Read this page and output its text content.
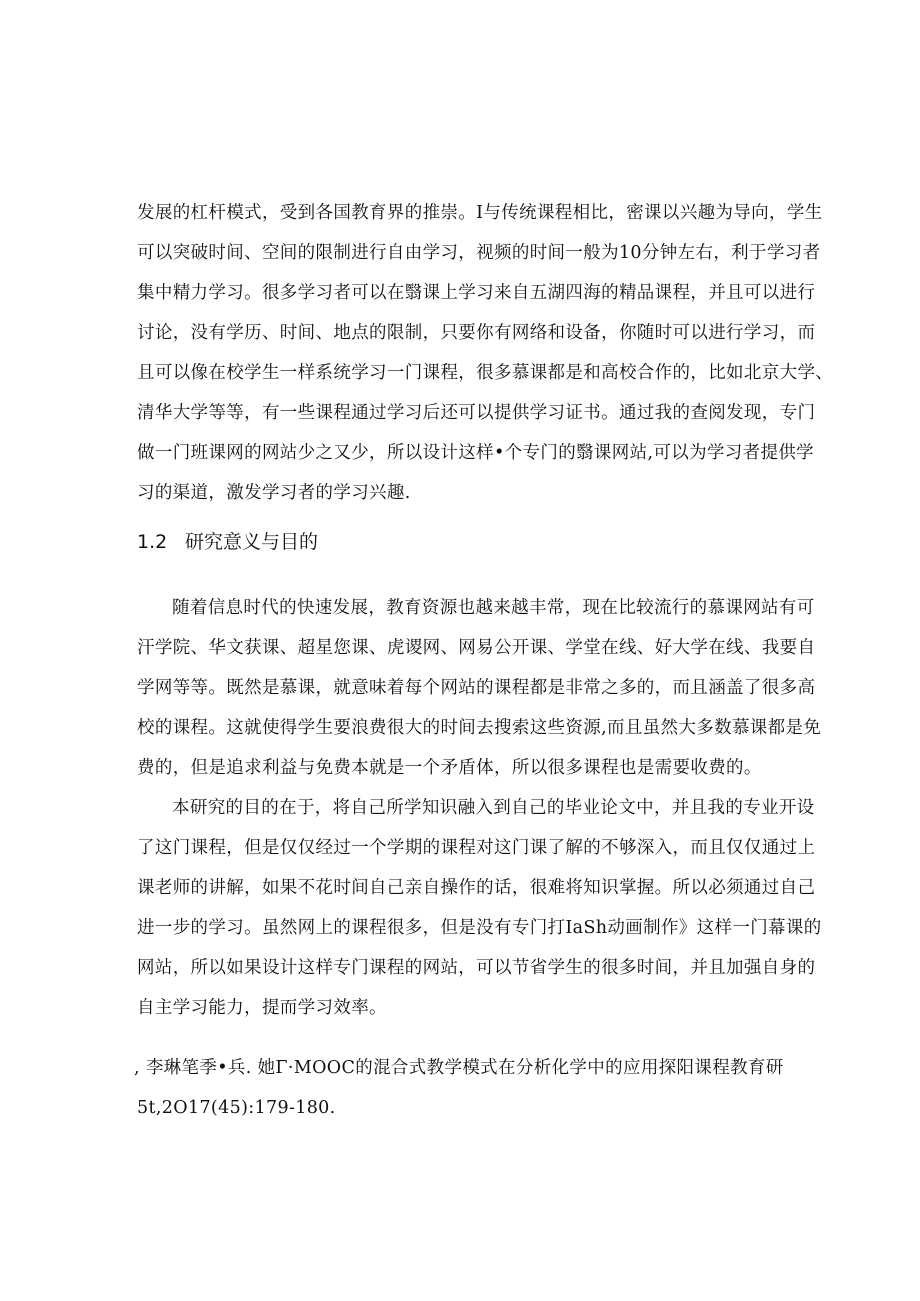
发展的杠杆模式，受到各国教育界的推崇。I与传统课程相比，密课以兴趣为导向，学生
可以突破时间、空间的限制进行自由学习，视频的时间一般为10分钟左右，利于学习者
集中精力学习。很多学习者可以在翳课上学习来自五湖四海的精品课程，并且可以进行
讨论，没有学历、时间、地点的限制，只要你有网络和设备，你随时可以进行学习，而
且可以像在校学生一样系统学习一门课程，很多慕课都是和高校合作的，比如北京大学、
清华大学等等，有一些课程通过学习后还可以提供学习证书。通过我的查阅发现，专门
做一门班课网的网站少之又少，所以设计这样•个专门的翳课网站,可以为学习者提供学
习的渠道，激发学习者的学习兴趣.
1.2 研究意义与目的
随着信息时代的快速发展，教育资源也越来越丰常，现在比较流行的慕课网站有可
汗学院、华文获课、超星您课、虎谡网、网易公开课、学堂在线、好大学在线、我要自
学网等等。既然是慕课，就意味着每个网站的课程都是非常之多的，而且涵盖了很多高
校的课程。这就使得学生要浪费很大的时间去搜索这些资源,而且虽然大多数慕课都是免
费的，但是追求利益与免费本就是一个矛盾体，所以很多课程也是需要收费的。
本研究的目的在于，将自己所学知识融入到自己的毕业论文中，并且我的专业开设
了这门课程，但是仅仅经过一个学期的课程对这门课了解的不够深入，而且仅仅通过上
课老师的讲解，如果不花时间自己亲自操作的话，很难将知识掌握。所以必须通过自己
进一步的学习。虽然网上的课程很多，但是没有专门打IaSh动画制作》这样一门幕课的
网站，所以如果设计这样专门课程的网站，可以节省学生的很多时间，并且加强自身的
自主学习能力，提而学习效率。
, 李琳笔季•兵. 她Γ·MOOC的混合式教学模式在分析化学中的应用探阳课程教育研
5t,2O17(45):179-180.
